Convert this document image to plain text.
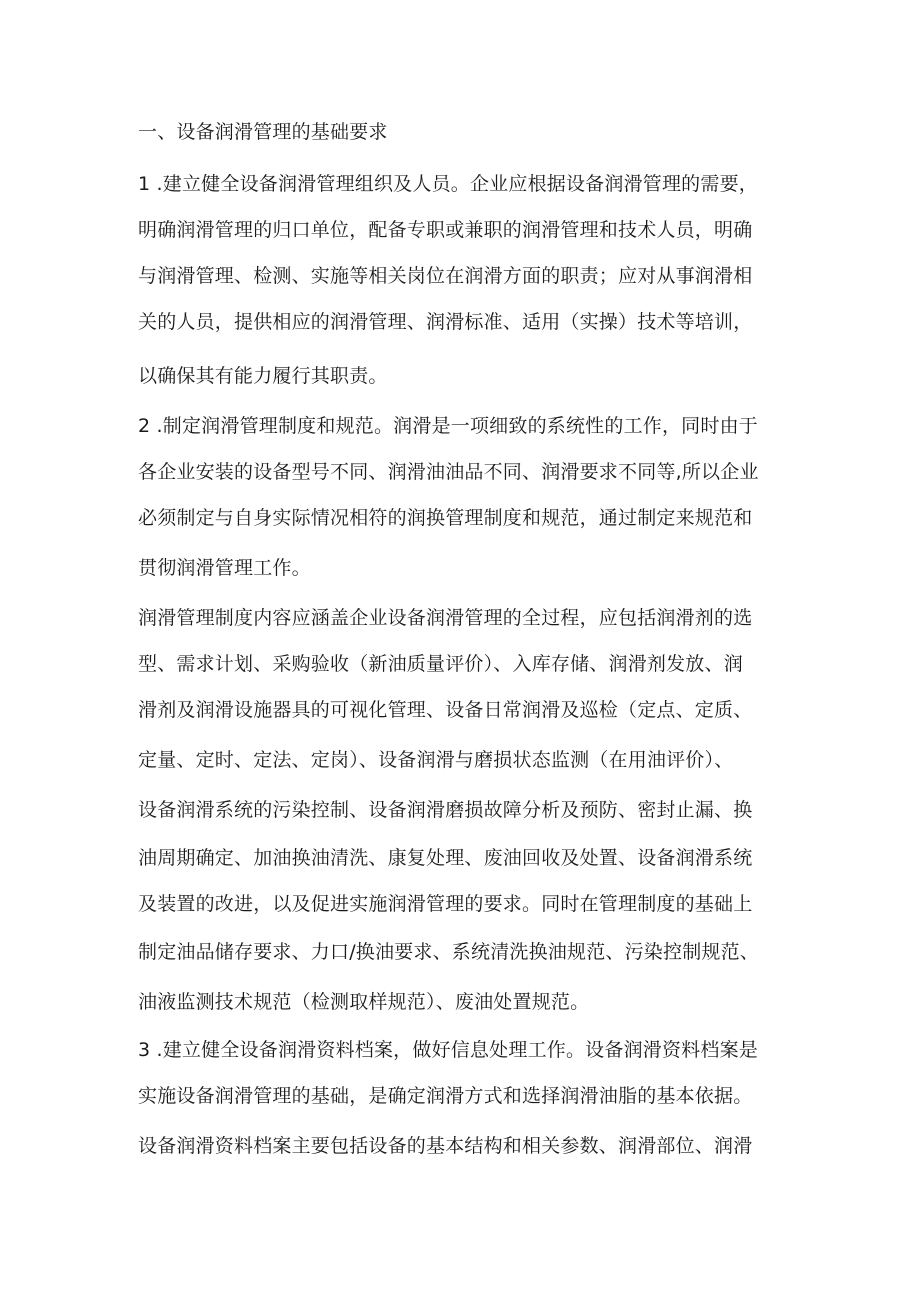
一、设备润滑管理的基础要求
1 .建立健全设备润滑管理组织及人员。企业应根据设备润滑管理的需要，
明确润滑管理的归口单位，配备专职或兼职的润滑管理和技术人员，明确
与润滑管理、检测、实施等相关岗位在润滑方面的职责；应对从事润滑相
关的人员，提供相应的润滑管理、润滑标准、适用（实操）技术等培训，
以确保其有能力履行其职责。
2 .制定润滑管理制度和规范。润滑是一项细致的系统性的工作，同时由于
各企业安装的设备型号不同、润滑油油品不同、润滑要求不同等,所以企业
必须制定与自身实际情况相符的润换管理制度和规范，通过制定来规范和
贯彻润滑管理工作。
润滑管理制度内容应涵盖企业设备润滑管理的全过程，应包括润滑剂的选
型、需求计划、采购验收（新油质量评价）、入库存储、润滑剂发放、润
滑剂及润滑设施器具的可视化管理、设备日常润滑及巡检（定点、定质、
定量、定时、定法、定岗）、设备润滑与磨损状态监测（在用油评价）、
设备润滑系统的污染控制、设备润滑磨损故障分析及预防、密封止漏、换
油周期确定、加油换油清洗、康复处理、废油回收及处置、设备润滑系统
及装置的改进，以及促进实施润滑管理的要求。同时在管理制度的基础上
制定油品储存要求、力口/换油要求、系统清洗换油规范、污染控制规范、
油液监测技术规范（检测取样规范）、废油处置规范。
3 .建立健全设备润滑资料档案，做好信息处理工作。设备润滑资料档案是
实施设备润滑管理的基础，是确定润滑方式和选择润滑油脂的基本依据。
设备润滑资料档案主要包括设备的基本结构和相关参数、润滑部位、润滑
